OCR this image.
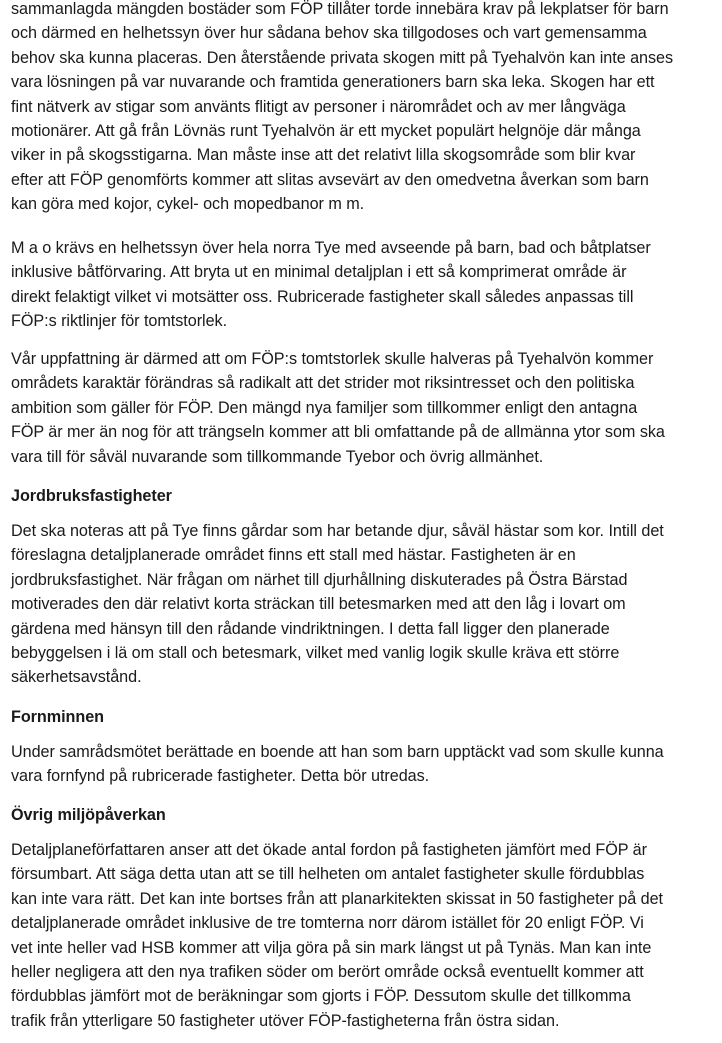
sammanlagda mängden bostäder som FÖP tillåter torde innebära krav på lekplatser för barn
och därmed en helhetssyn över hur sådana behov ska tillgodoses och vart gemensamma
behov ska kunna placeras. Den återstående privata skogen mitt på Tyehalvön kan inte anses
vara lösningen på var nuvarande och framtida generationers barn ska leka. Skogen har ett
fint nätverk av stigar som använts flitigt av personer i närområdet och av mer långväga
motionärer. Att gå från Lövnäs runt Tyehalvön är ett mycket populärt helgnöje där många
viker in på skogsstigarna. Man måste inse att det relativt lilla skogsområde som blir kvar
efter att FÖP genomförts kommer att slitas avsevärt av den omedvetna åverkan som barn
kan göra med kojor, cykel- och mopedbanor m m.
M a o krävs en helhetssyn över hela norra Tye med avseende på barn, bad och båtplatser
inklusive båtförvaring. Att bryta ut en minimal detaljplan i ett så komprimerat område är
direkt felaktigt vilket vi motsätter oss. Rubricerade fastigheter skall således anpassas till
FÖP:s riktlinjer för tomtstorlek.
Vår uppfattning är därmed att om FÖP:s tomtstorlek skulle halveras på Tyehalvön kommer
områdets karaktär förändras så radikalt att det strider mot riksintresset och den politiska
ambition som gäller för FÖP. Den mängd nya familjer som tillkommer enligt den antagna
FÖP är mer än nog för att trängseln kommer att bli omfattande på de allmänna ytor som ska
vara till för såväl nuvarande som tillkommande Tyebor och övrig allmänhet.
Jordbruksfastigheter
Det ska noteras att på Tye finns gårdar som har betande djur, såväl hästar som kor. Intill det
föreslagna detaljplanerade området finns ett stall med hästar. Fastigheten är en
jordbruksfastighet. När frågan om närhet till djurhållning diskuterades på Östra Bärstad
motiverades den där relativt korta sträckan till betesmarken med att den låg i lovart om
gärdena med hänsyn till den rådande vindriktningen. I detta fall ligger den planerade
bebyggelsen i lä om stall och betesmark, vilket med vanlig logik skulle kräva ett större
säkerhetsavstånd.
Fornminnen
Under samrådsmötet berättade en boende att han som barn upptäckt vad som skulle kunna
vara fornfynd på rubricerade fastigheter. Detta bör utredas.
Övrig miljöpåverkan
Detaljplaneförfattaren anser att det ökade antal fordon på fastigheten jämfört med FÖP är
försumbart. Att säga detta utan att se till helheten om antalet fastigheter skulle fördubblas
kan inte vara rätt. Det kan inte bortses från att planarkitekten skissat in 50 fastigheter på det
detaljplanerade området inklusive de tre tomterna norr därom istället för 20 enligt FÖP. Vi
vet inte heller vad HSB kommer att vilja göra på sin mark längst ut på Tynäs. Man kan inte
heller negligera att den nya trafiken söder om berört område också eventuellt kommer att
fördubblas jämfört mot de beräkningar som gjorts i FÖP. Dessutom skulle det tillkomma
trafik från ytterligare 50 fastigheter utöver FÖP-fastigheterna från östra sidan.
